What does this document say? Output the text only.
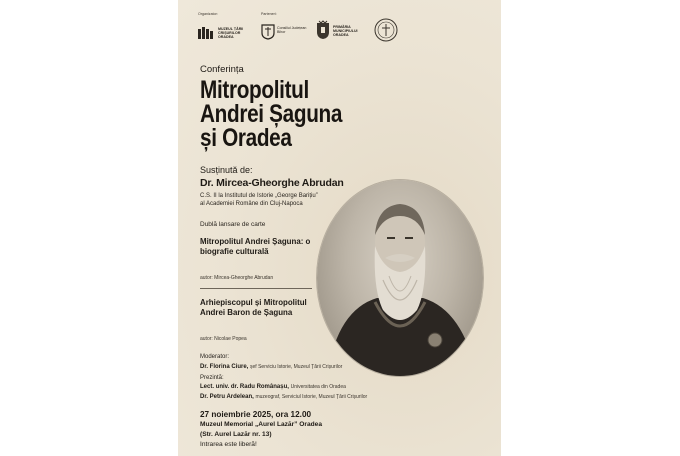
Organizator:
MUZEUL ȚĂRII CRIȘURILOR ORADEA
Parteneri:
Consiliul Județean Bihor
PRIMĂRIA MUNICIPIULUI ORADEA
Conferința
Mitropolitul
Andrei Șaguna
și Oradea
Susținută de:
Dr. Mircea-Gheorghe Abrudan
C.S. II la Institutul de Istorie „George Barițiu”
al Academiei Române din Cluj-Napoca
Dublă lansare de carte
Mitropolitul Andrei Șaguna: o biografie culturală
autor: Mircea-Gheorghe Abrudan
Arhiepiscopul și Mitropolitul Andrei Baron de Șaguna
autor: Nicolae Popea
Moderator:
Dr. Florina Ciure, șef Serviciu Istorie, Muzeul Țării Crișurilor
Prezintă:
Lect. univ. dr. Radu Românașu, Universitatea din Oradea
Dr. Petru Ardelean, muzeograf, Serviciul Istorie, Muzeul Țării Crișurilor
27 noiembrie 2025, ora 12.00
Muzeul Memorial „Aurel Lazăr” Oradea
(Str. Aurel Lazăr nr. 13)
Intrarea este liberă!
